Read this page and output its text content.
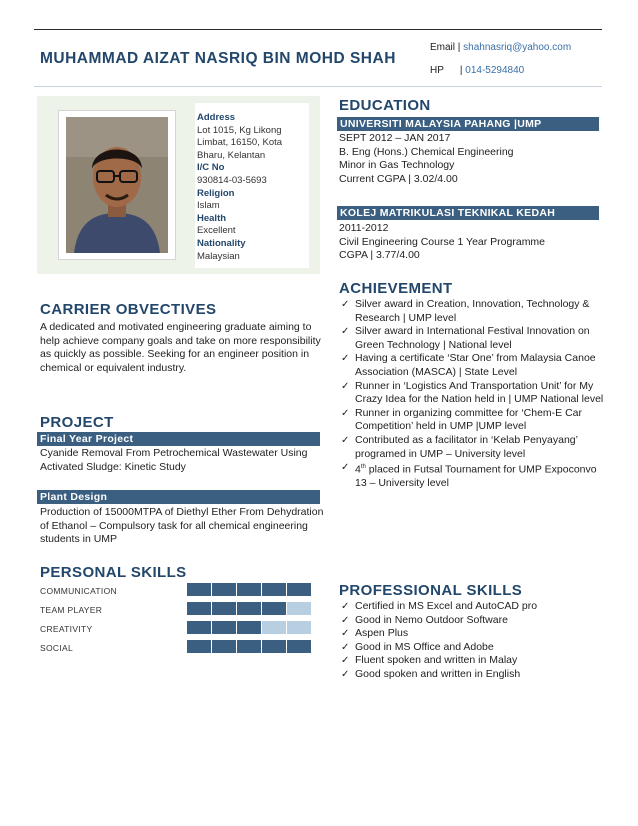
MUHAMMAD AIZAT NASRIQ BIN MOHD SHAH
Email | shahnasriq@yahoo.com
HP | 014-5294840
Address
Lot 1015, Kg Likong Limbat, 16150, Kota Bharu, Kelantan
I/C No
930814-03-5693
Religion
Islam
Health
Excellent
Nationality
Malaysian
CARRIER OBVECTIVES
A dedicated and motivated engineering graduate aiming to help achieve company goals and take on more responsibility as quickly as possible. Seeking for an engineer position in chemical or equivalent industry.
PROJECT
Final Year Project
Cyanide Removal From Petrochemical Wastewater Using Activated Sludge: Kinetic Study
Plant Design
Production of 15000MTPA of Diethyl Ether From Dehydration of Ethanol – Compulsory task for all chemical engineering students in UMP
PERSONAL SKILLS
COMMUNICATION
TEAM PLAYER
CREATIVITY
SOCIAL
EDUCATION
UNIVERSITI MALAYSIA PAHANG |UMP
SEPT 2012 – JAN 2017
B. Eng (Hons.) Chemical Engineering
Minor in Gas Technology
Current CGPA | 3.02/4.00
KOLEJ MATRIKULASI TEKNIKAL KEDAH
2011-2012
Civil Engineering Course 1 Year Programme
CGPA | 3.77/4.00
ACHIEVEMENT
✓ Silver award in Creation, Innovation, Technology & Research | UMP level
✓ Silver award in International Festival Innovation on Green Technology | National level
✓ Having a certificate ‘Star One’ from Malaysia Canoe Association (MASCA) | State Level
✓ Runner in ‘Logistics And Transportation Unit’ for My Crazy Idea for the Nation held in | UMP National level
✓ Runner in organizing committee for ‘Chem-E Car Competition’ held in UMP |UMP level
✓ Contributed as a facilitator in ‘Kelab Penyayang’ programed in UMP – University level
✓ 4th placed in Futsal Tournament for UMP Expoconvo 13 – University level
PROFESSIONAL SKILLS
✓ Certified in MS Excel and AutoCAD pro
✓ Good in Nemo Outdoor Software
✓ Aspen Plus
✓ Good in MS Office and Adobe
✓ Fluent spoken and written in Malay
✓ Good spoken and written in English
